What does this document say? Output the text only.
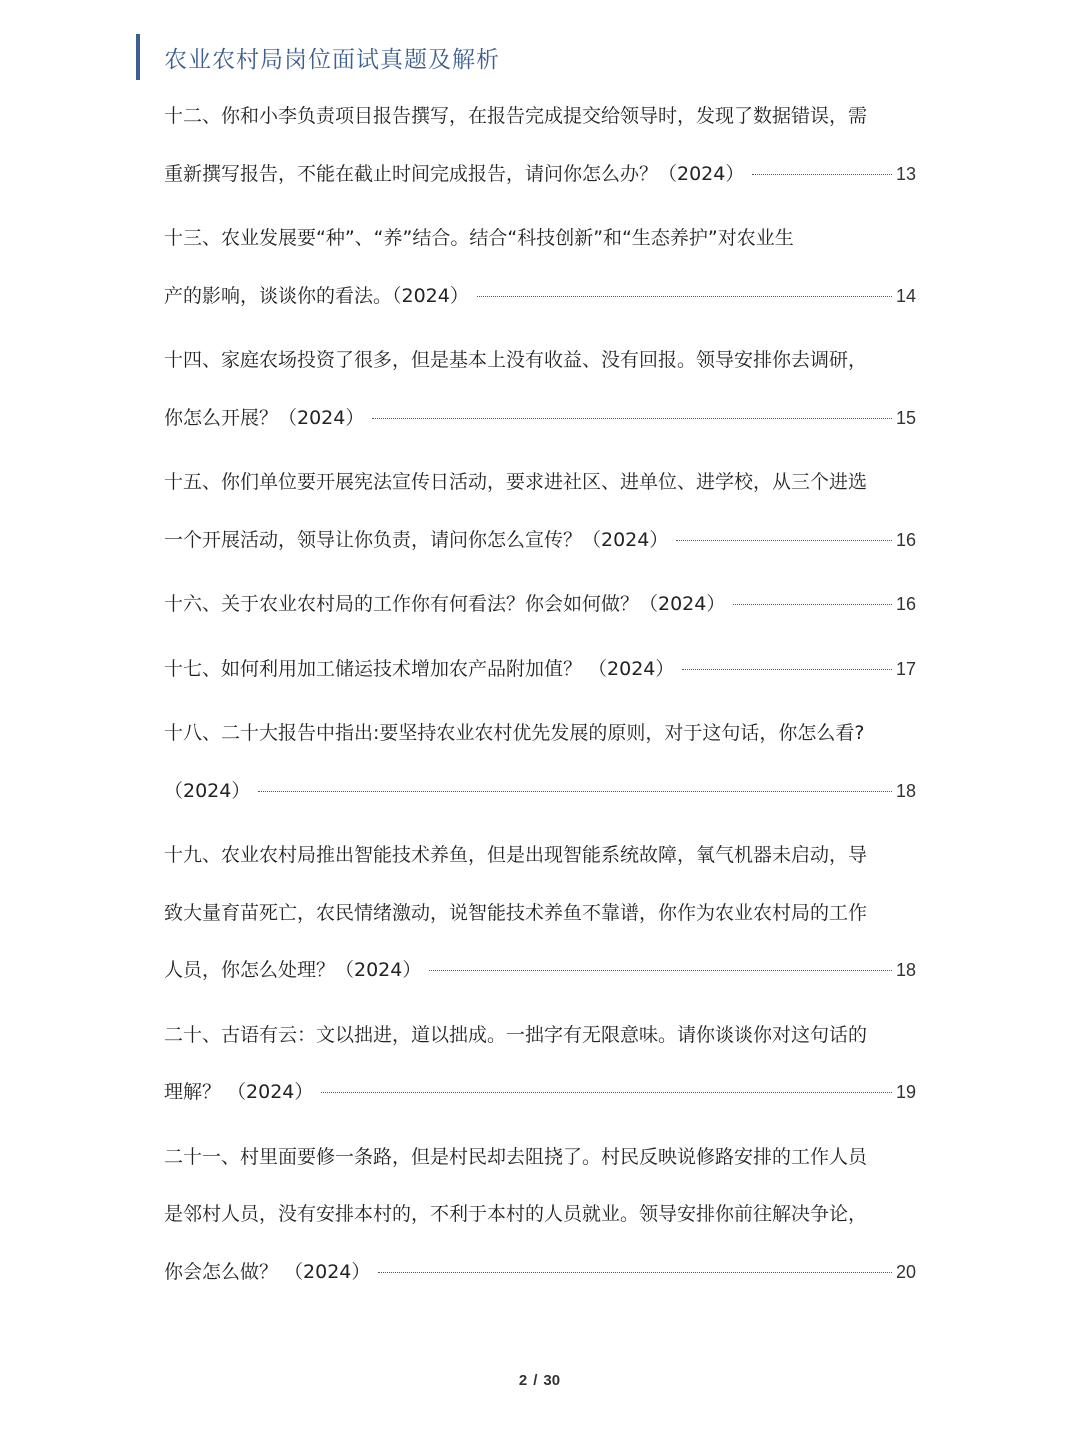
农业农村局岗位面试真题及解析
十二、你和小李负责项目报告撰写，在报告完成提交给领导时，发现了数据错误，需
重新撰写报告，不能在截止时间完成报告，请问你怎么办？（2024）	13
十三、农业发展要“种”、“养”结合。结合“科技创新”和“生态养护”对农业生
产的影响，谈谈你的看法。（2024）	14
十四、家庭农场投资了很多，但是基本上没有收益、没有回报。领导安排你去调研，
你怎么开展？（2024）	15
十五、你们单位要开展宪法宣传日活动，要求进社区、进单位、进学校，从三个进选
一个开展活动，领导让你负责，请问你怎么宣传？（2024）	16
十六、关于农业农村局的工作你有何看法？你会如何做？（2024）	16
十七、如何利用加工储运技术增加农产品附加值？ （2024）	17
十八、二十大报告中指出:要坚持农业农村优先发展的原则，对于这句话，你怎么看?
（2024）	18
十九、农业农村局推出智能技术养鱼，但是出现智能系统故障，氧气机器未启动，导
致大量育苗死亡，农民情绪激动，说智能技术养鱼不靠谱，你作为农业农村局的工作
人员，你怎么处理？（2024）	18
二十、古语有云：文以拙进，道以拙成。一拙字有无限意味。请你谈谈你对这句话的
理解？ （2024）	19
二十一、村里面要修一条路，但是村民却去阻挠了。村民反映说修路安排的工作人员
是邻村人员，没有安排本村的，不利于本村的人员就业。领导安排你前往解决争论，
你会怎么做？ （2024）	20
2 / 30
